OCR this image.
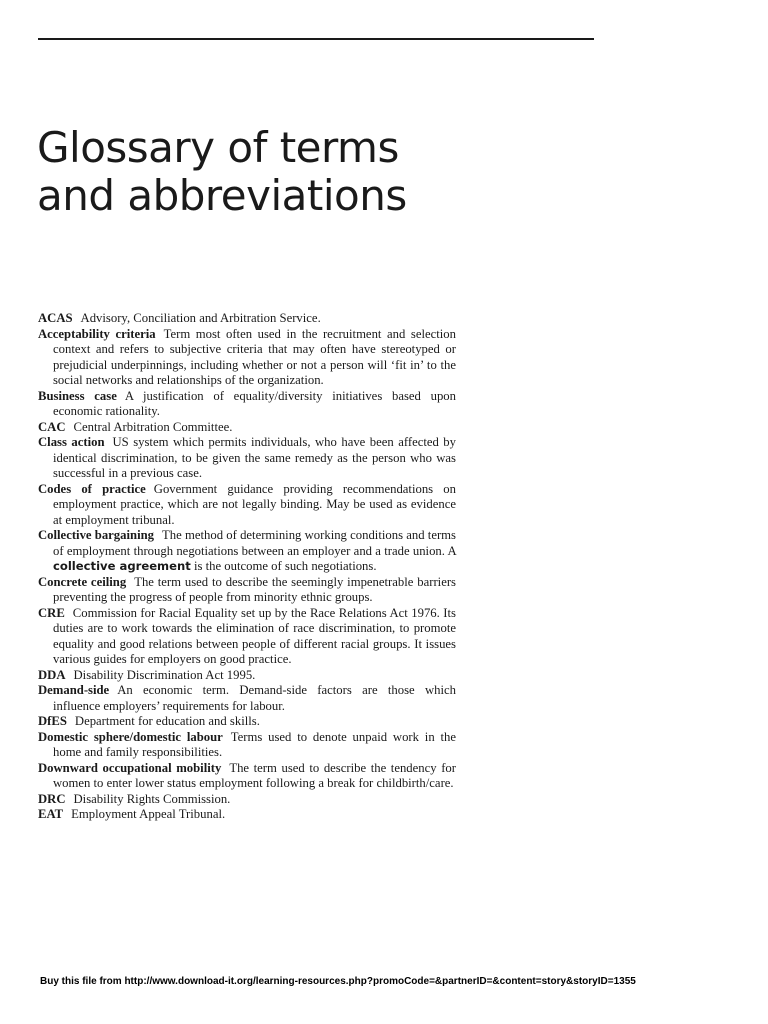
Glossary of terms
and abbreviations
ACAS Advisory, Conciliation and Arbitration Service.
Acceptability criteria Term most often used in the recruitment and selection context and refers to subjective criteria that may often have stereotyped or prejudicial underpinnings, including whether or not a person will ‘fit in’ to the social networks and relationships of the organization.
Business case A justification of equality/diversity initiatives based upon economic rationality.
CAC Central Arbitration Committee.
Class action US system which permits individuals, who have been affected by identical discrimination, to be given the same remedy as the person who was successful in a previous case.
Codes of practice Government guidance providing recommendations on employment practice, which are not legally binding. May be used as evidence at employment tribunal.
Collective bargaining The method of determining working conditions and terms of employment through negotiations between an employer and a trade union. A collective agreement is the outcome of such negotiations.
Concrete ceiling The term used to describe the seemingly impenetrable barriers preventing the progress of people from minority ethnic groups.
CRE Commission for Racial Equality set up by the Race Relations Act 1976. Its duties are to work towards the elimination of race discrimination, to promote equality and good relations between people of different racial groups. It issues various guides for employers on good practice.
DDA Disability Discrimination Act 1995.
Demand-side An economic term. Demand-side factors are those which influence employers’ requirements for labour.
DfES Department for education and skills.
Domestic sphere/domestic labour Terms used to denote unpaid work in the home and family responsibilities.
Downward occupational mobility The term used to describe the tendency for women to enter lower status employment following a break for childbirth/care.
DRC Disability Rights Commission.
EAT Employment Appeal Tribunal.
Buy this file from http://www.download-it.org/learning-resources.php?promoCode=&partnerID=&content=story&storyID=1355
